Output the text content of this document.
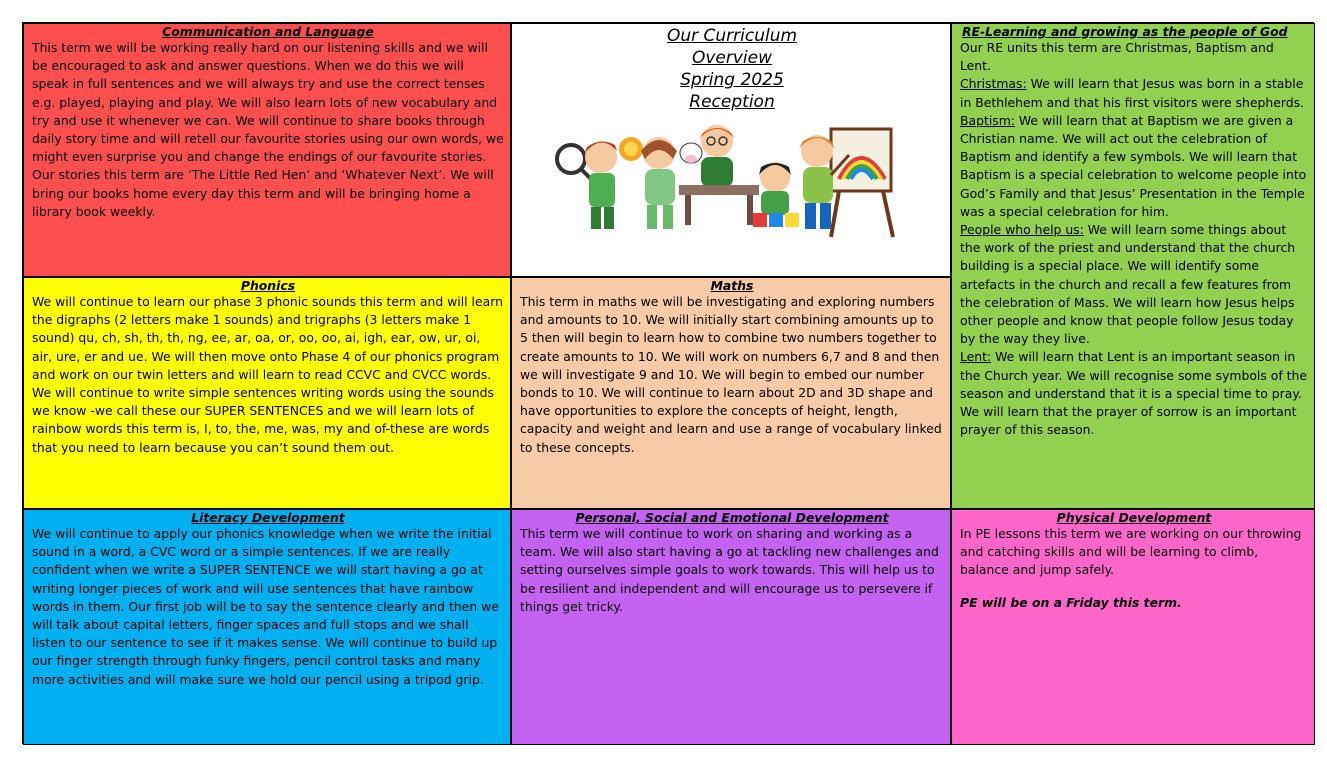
Communication and Language

This term we will be working really hard on our listening skills and we will be encouraged to ask and answer questions. When we do this we will speak in full sentences and we will always try and use the correct tenses e.g. played, playing and play. We will also learn lots of new vocabulary and try and use it whenever we can. We will continue to share books through daily story time and will retell our favourite stories using our own words, we might even surprise you and change the endings of our favourite stories. Our stories this term are ‘The Little Red Hen’ and ‘Whatever Next’. We will bring our books home every day this term and will be bringing home a library book weekly.

Our Curriculum

Overview

Spring 2025

Reception

RE-Learning and growing as the people of God

Our RE units this term are Christmas, Baptism and Lent.

Christmas: We will learn that Jesus was born in a stable in Bethlehem and that his first visitors were shepherds.

Baptism: We will learn that at Baptism we are given a Christian name. We will act out the celebration of Baptism and identify a few symbols. We will learn that Baptism is a special celebration to welcome people into God’s Family and that Jesus’ Presentation in the Temple was a special celebration for him.

People who help us: We will learn some things about the work of the priest and understand that the church building is a special place. We will identify some artefacts in the church and recall a few features from the celebration of Mass. We will learn how Jesus helps other people and know that people follow Jesus today by the way they live.

Lent: We will learn that Lent is an important season in the Church year. We will recognise some symbols of the season and understand that it is a special time to pray. We will learn that the prayer of sorrow is an important prayer of this season.

Phonics

We will continue to learn our phase 3 phonic sounds this term and will learn the digraphs (2 letters make 1 sounds) and trigraphs (3 letters make 1 sound) qu, ch, sh, th, th, ng, ee, ar, oa, or, oo, oo, ai, igh, ear, ow, ur, oi, air, ure, er and ue. We will then move onto Phase 4 of our phonics program and work on our twin letters and will learn to read CCVC and CVCC words. We will continue to write simple sentences writing words using the sounds we know -we call these our SUPER SENTENCES and we will learn lots of rainbow words this term is, I, to, the, me, was, my and of-these are words that you need to learn because you can’t sound them out.

Maths

This term in maths we will be investigating and exploring numbers and amounts to 10. We will initially start combining amounts up to 5 then will begin to learn how to combine two numbers together to create amounts to 10. We will work on numbers 6,7 and 8 and then we will investigate 9 and 10. We will begin to embed our number bonds to 10. We will continue to learn about 2D and 3D shape and have opportunities to explore the concepts of height, length, capacity and weight and learn and use a range of vocabulary linked to these concepts.

Literacy Development

We will continue to apply our phonics knowledge when we write the initial sound in a word, a CVC word or a simple sentences. If we are really confident when we write a SUPER SENTENCE we will start having a go at writing longer pieces of work and will use sentences that have rainbow words in them. Our first job will be to say the sentence clearly and then we will talk about capital letters, finger spaces and full stops and we shall listen to our sentence to see if it makes sense. We will continue to build up our finger strength through funky fingers, pencil control tasks and many more activities and will make sure we hold our pencil using a tripod grip.

Personal, Social and Emotional Development

This term we will continue to work on sharing and working as a team. We will also start having a go at tackling new challenges and setting ourselves simple goals to work towards. This will help us to be resilient and independent and will encourage us to persevere if things get tricky.

Physical Development

In PE lessons this term we are working on our throwing and catching skills and will be learning to climb, balance and jump safely.

PE will be on a Friday this term.
